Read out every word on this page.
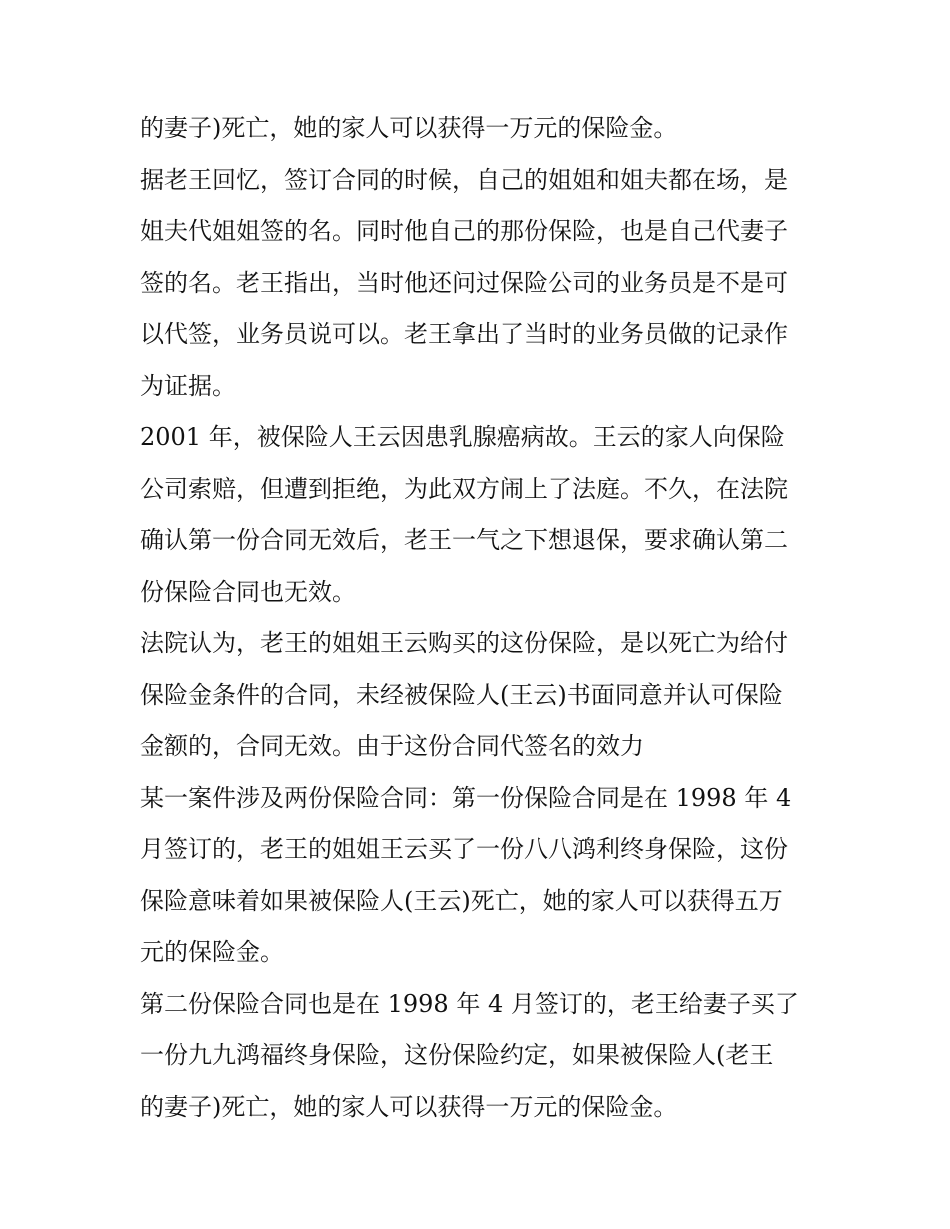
的妻子)死亡，她的家人可以获得一万元的保险金。
据老王回忆，签订合同的时候，自己的姐姐和姐夫都在场，是
姐夫代姐姐签的名。同时他自己的那份保险，也是自己代妻子
签的名。老王指出，当时他还问过保险公司的业务员是不是可
以代签，业务员说可以。老王拿出了当时的业务员做的记录作
为证据。
2001 年，被保险人王云因患乳腺癌病故。王云的家人向保险
公司索赔，但遭到拒绝，为此双方闹上了法庭。不久，在法院
确认第一份合同无效后，老王一气之下想退保，要求确认第二
份保险合同也无效。
法院认为，老王的姐姐王云购买的这份保险，是以死亡为给付
保险金条件的合同，未经被保险人(王云)书面同意并认可保险
金额的，合同无效。由于这份合同代签名的效力
某一案件涉及两份保险合同：第一份保险合同是在 1998 年 4
月签订的，老王的姐姐王云买了一份八八鸿利终身保险，这份
保险意味着如果被保险人(王云)死亡，她的家人可以获得五万
元的保险金。
第二份保险合同也是在 1998 年 4 月签订的，老王给妻子买了
一份九九鸿福终身保险，这份保险约定，如果被保险人(老王
的妻子)死亡，她的家人可以获得一万元的保险金。
